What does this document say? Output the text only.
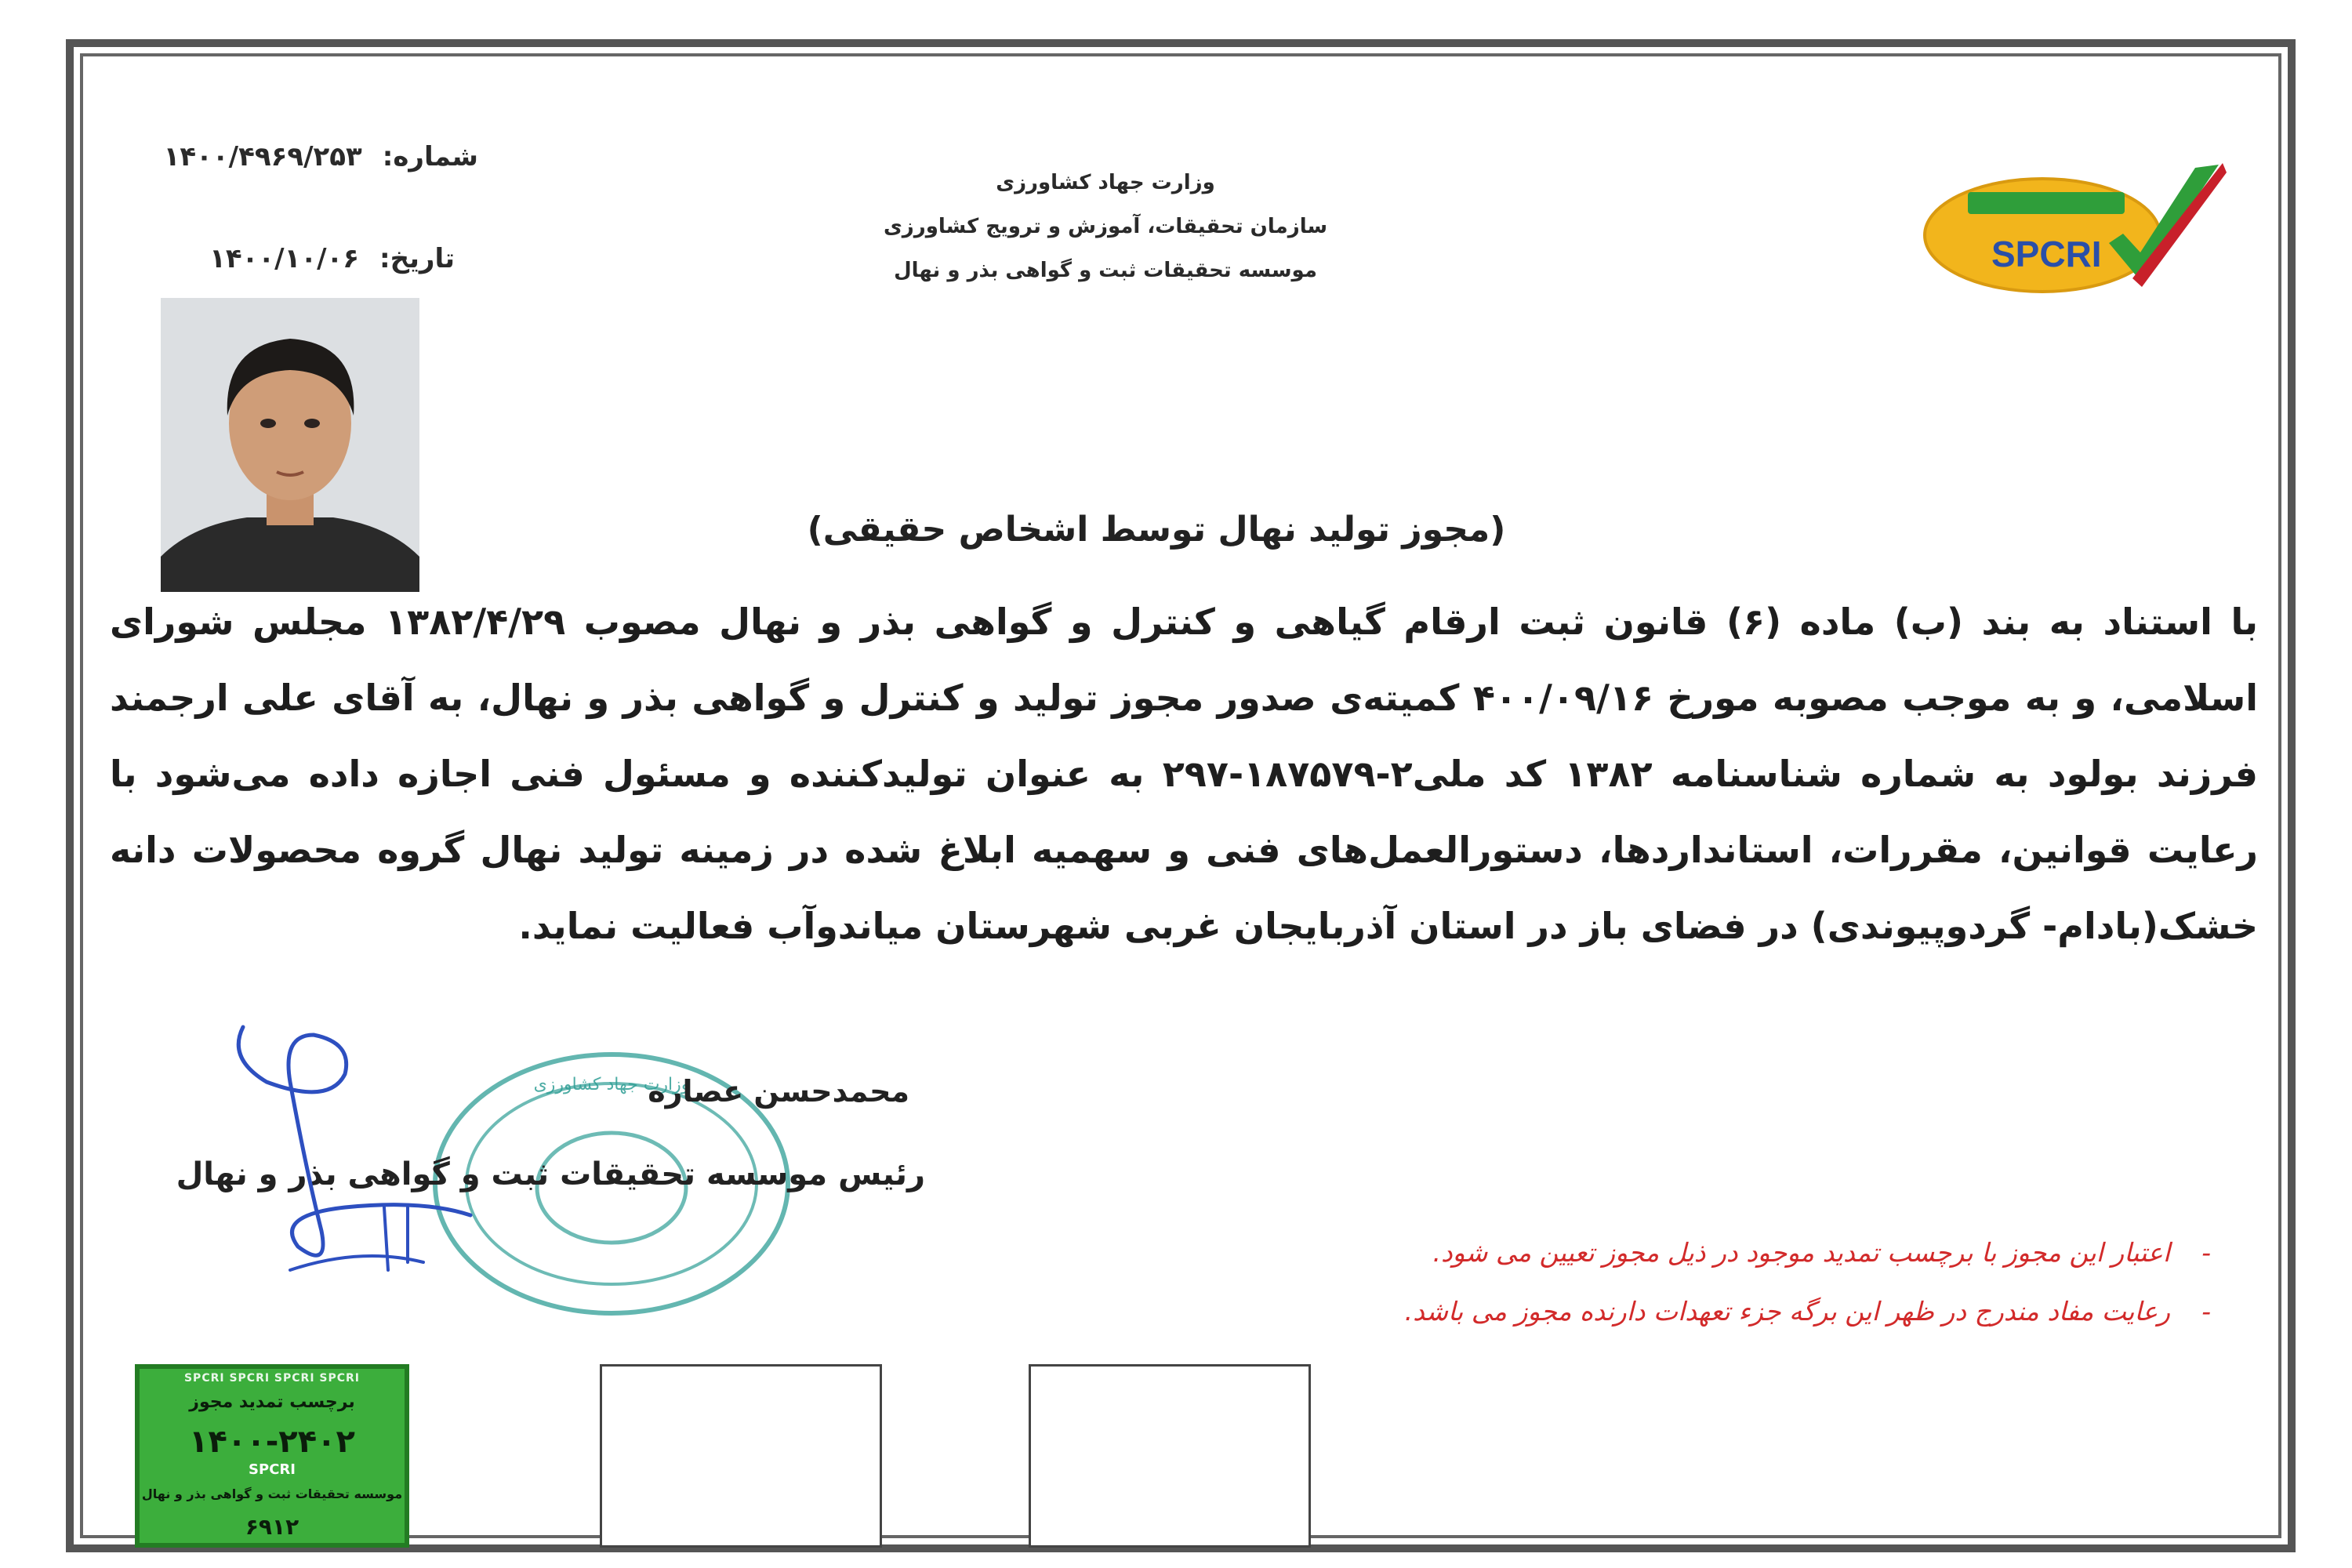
SPCRI
وزارت جهاد کشاورزی
سازمان تحقیقات، آموزش و ترویج کشاورزی
موسسه تحقیقات ثبت و گواهی بذر و نهال
شماره:۱۴۰۰/۴۹۶۹/۲۵۳
تاریخ:۱۴۰۰/۱۰/۰۶
(مجوز تولید نهال توسط اشخاص حقیقی)
با استناد به بند (ب) ماده (۶) قانون ثبت ارقام گیاهی و کنترل و گواهی بذر و نهال مصوب ۱۳۸۲/۴/۲۹ مجلس شورای اسلامی، و به موجب مصوبه مورخ ۴۰۰/۰۹/۱۶ کمیته‌ی صدور مجوز تولید و کنترل و گواهی بذر و نهال، به آقای علی ارجمند فرزند بولود به شماره شناسنامه ۱۳۸۲ کد ملی۲-۱۸۷۵۷۹-۲۹۷ به عنوان تولیدکننده و مسئول فنی اجازه داده می‌شود با رعایت قوانین، مقررات، استانداردها، دستورالعمل‌های فنی و سهمیه ابلاغ شده در زمینه تولید نهال گروه محصولات دانه خشک(بادام- گردوپیوندی) در فضای باز در استان آذربایجان غربی شهرستان میاندوآب فعالیت نماید.
وزارت جهاد کشاورزی
محمدحسن عصاره
رئیس موسسه تحقیقات ثبت و گواهی بذر و نهال
-اعتبار این مجوز با برچسب تمدید موجود در ذیل مجوز تعیین می شود.
-رعایت مفاد مندرج در ظهر این برگه جزء تعهدات دارنده مجوز می باشد.
SPCRI SPCRI SPCRI SPCRI
برچسب تمدید مجوز
۱۴۰۰-۲۴۰۲
SPCRI
موسسه تحقیقات ثبت و گواهی بذر و نهال
۶۹۱۲
